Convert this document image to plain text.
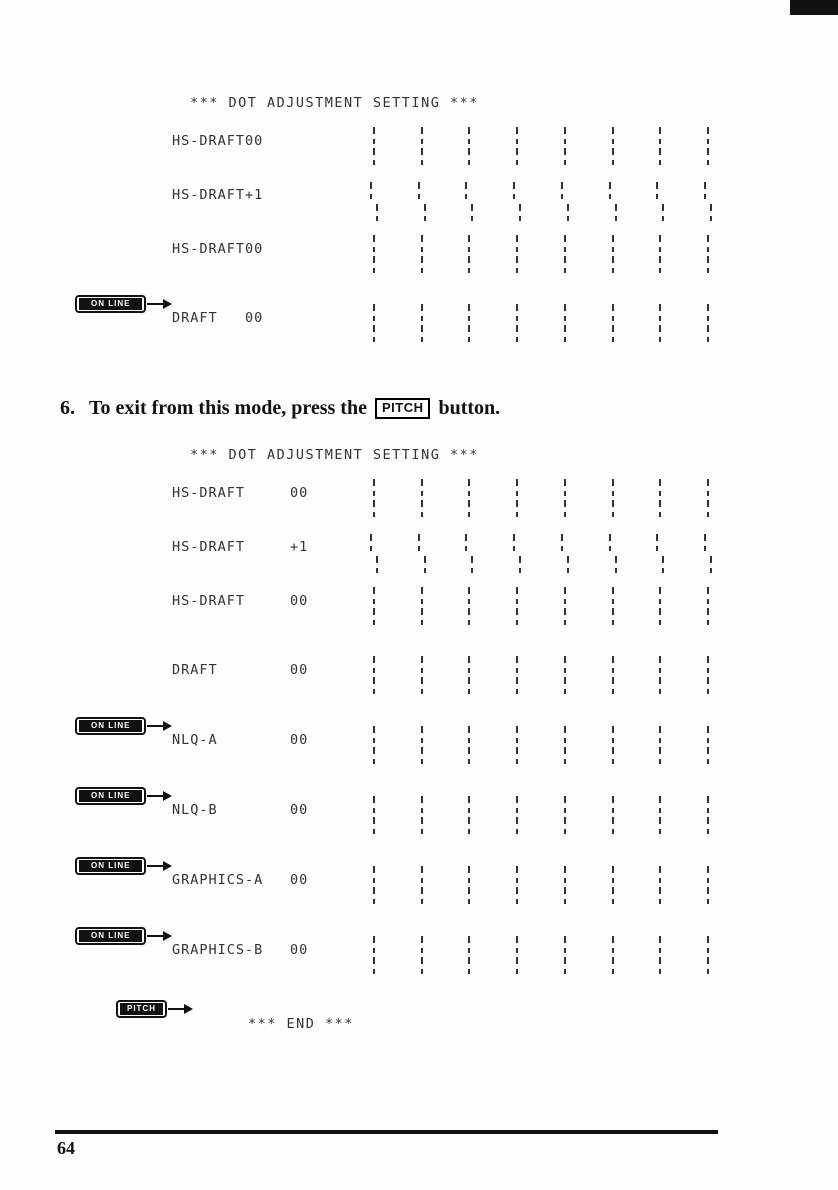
*** DOT ADJUSTMENT SETTING ***
HS-DRAFT 00
HS-DRAFT +1
HS-DRAFT 00
ON LINE
DRAFT	00
6. To exit from this mode, press the PITCH button.
*** DOT ADJUSTMENT SETTING ***
HS-DRAFT	00
HS-DRAFT	+1
HS-DRAFT	00
DRAFT	00
ON LINE
NLQ-A	00
ON LINE
NLQ-B	00
ON LINE
GRAPHICS-A	00
ON LINE
GRAPHICS-B	00
PITCH
*** END ***
64
